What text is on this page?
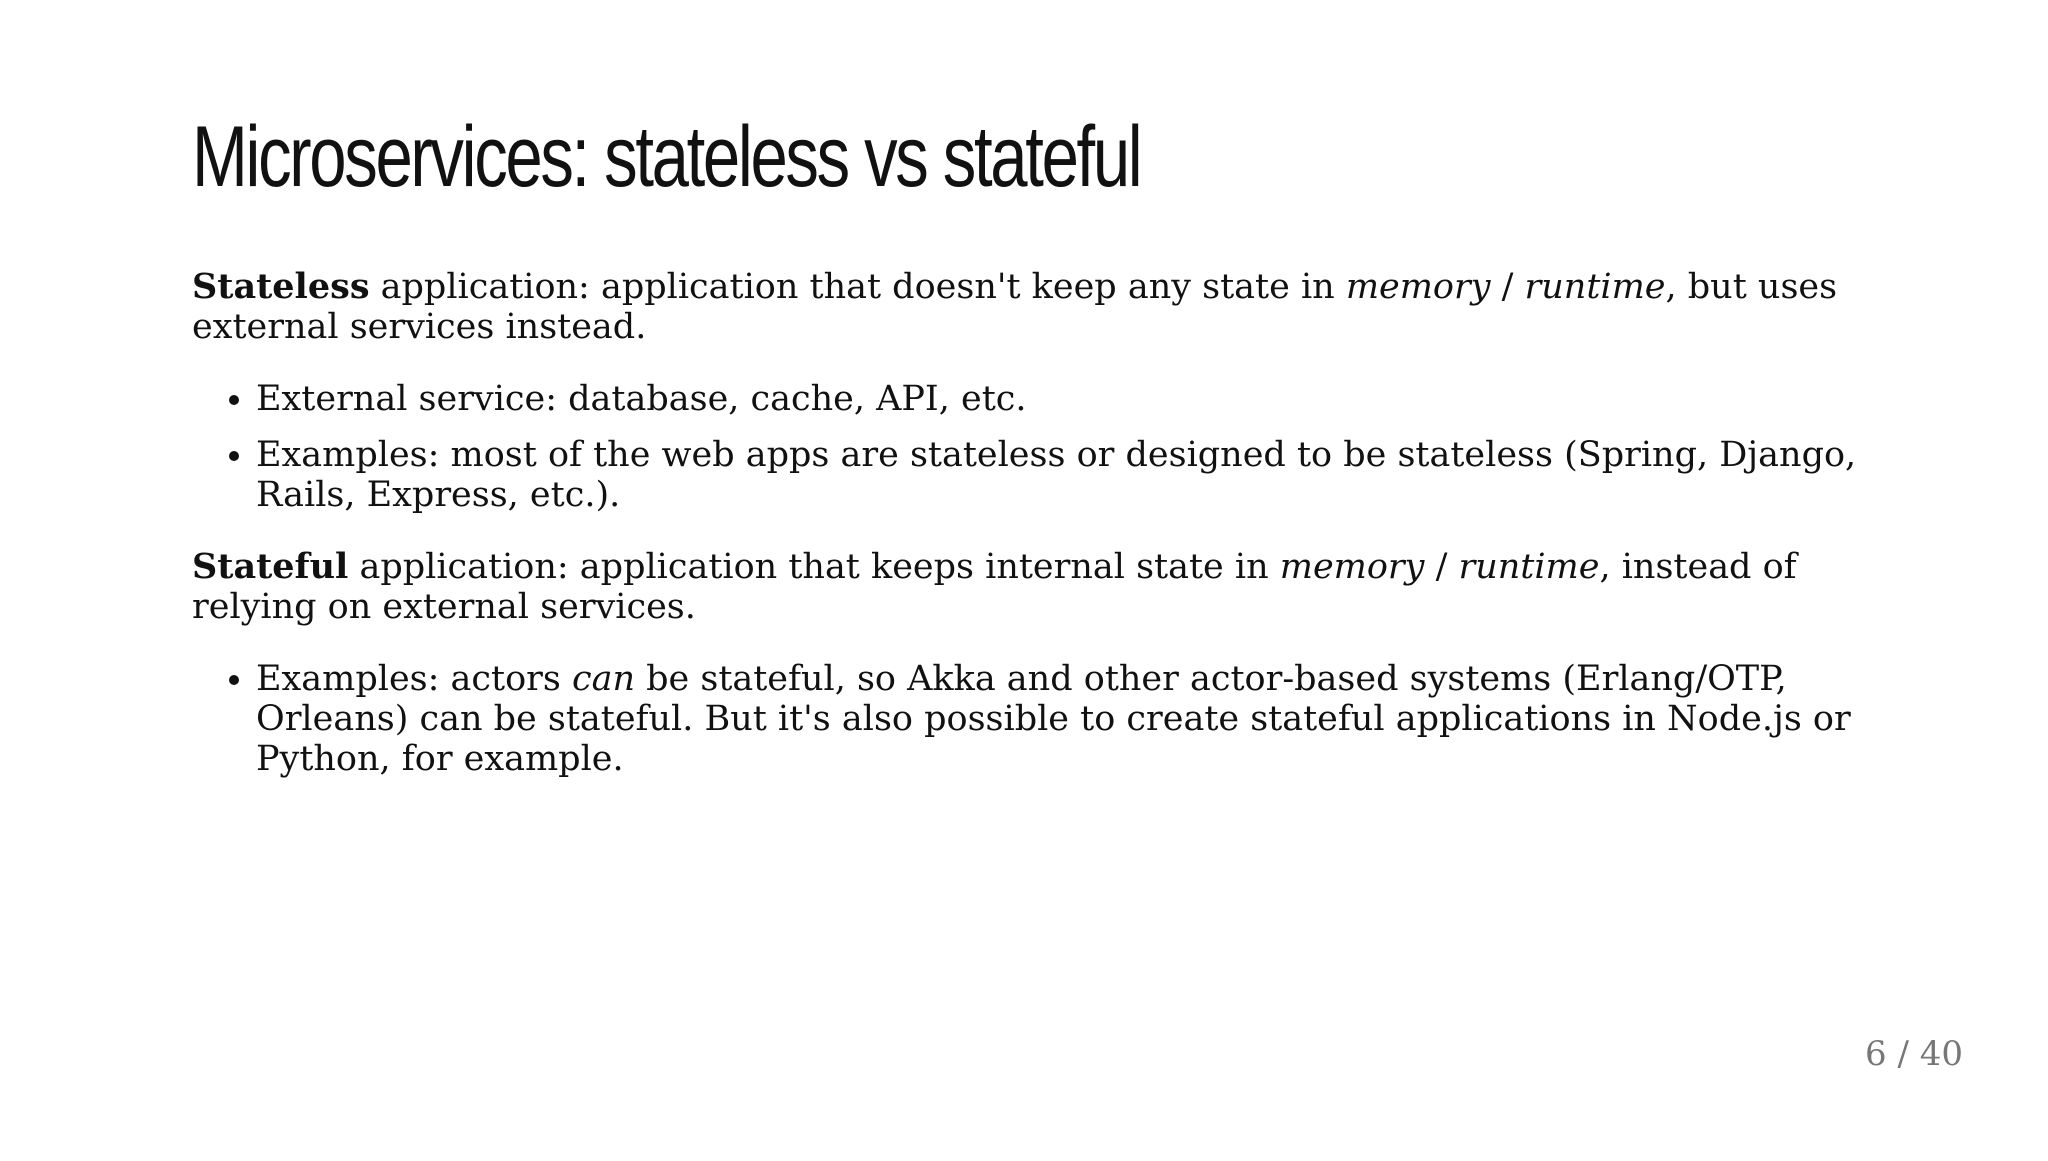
Microservices: stateless vs stateful

Stateless application: application that doesn't keep any state in memory / runtime, but uses external services instead.

• External service: database, cache, API, etc.
• Examples: most of the web apps are stateless or designed to be stateless (Spring, Django, Rails, Express, etc.).

Stateful application: application that keeps internal state in memory / runtime, instead of relying on external services.

• Examples: actors can be stateful, so Akka and other actor-based systems (Erlang/OTP, Orleans) can be stateful. But it's also possible to create stateful applications in Node.js or Python, for example.
6 / 40
